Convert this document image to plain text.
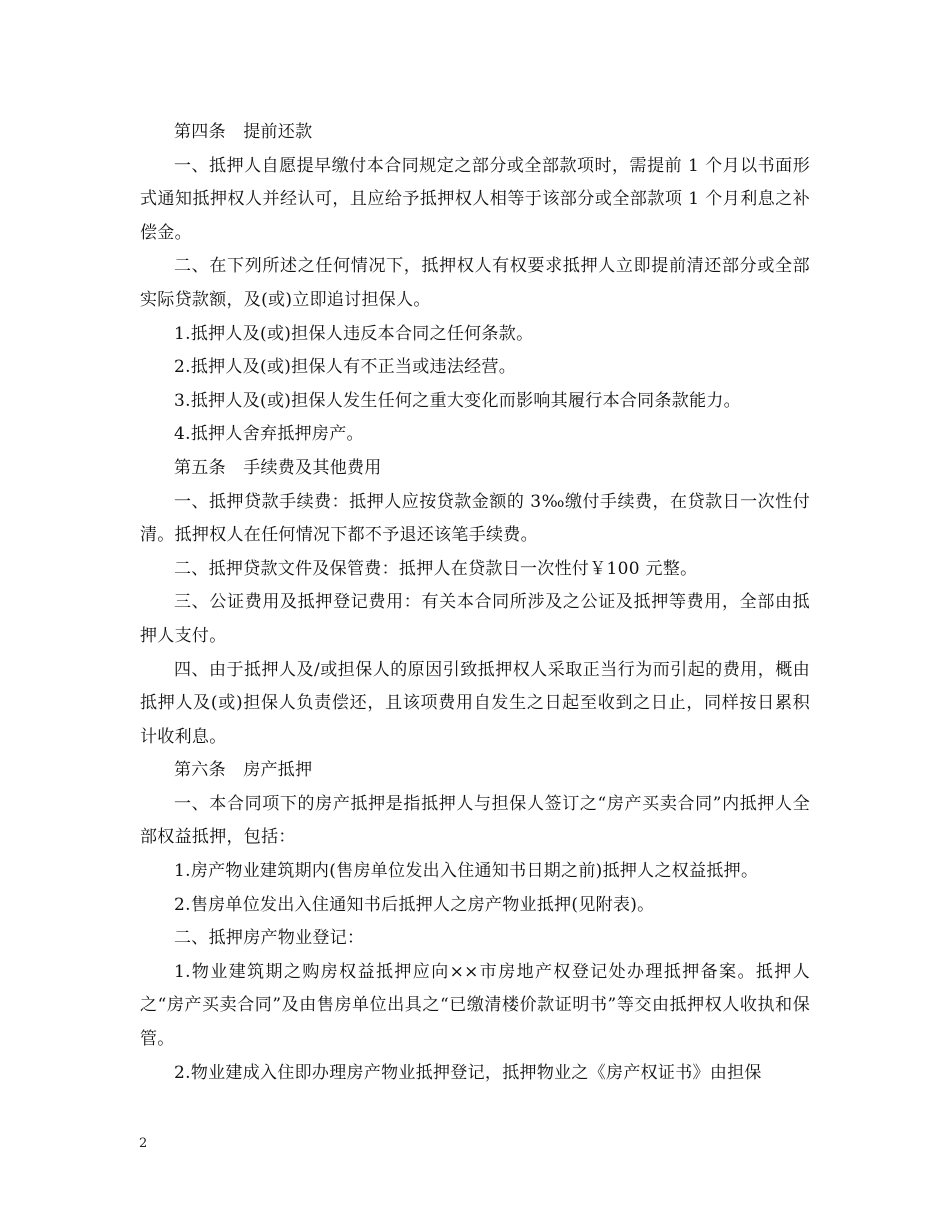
第四条　提前还款

一、抵押人自愿提早缴付本合同规定之部分或全部款项时，需提前 1 个月以书面形式通知抵押权人并经认可，且应给予抵押权人相等于该部分或全部款项 1 个月利息之补偿金。

二、在下列所述之任何情况下，抵押权人有权要求抵押人立即提前清还部分或全部实际贷款额，及(或)立即追讨担保人。

1.抵押人及(或)担保人违反本合同之任何条款。

2.抵押人及(或)担保人有不正当或违法经营。

3.抵押人及(或)担保人发生任何之重大变化而影响其履行本合同条款能力。

4.抵押人舍弃抵押房产。

第五条　手续费及其他费用

一、抵押贷款手续费：抵押人应按贷款金额的 3‰缴付手续费，在贷款日一次性付清。抵押权人在任何情况下都不予退还该笔手续费。

二、抵押贷款文件及保管费：抵押人在贷款日一次性付￥100 元整。

三、公证费用及抵押登记费用：有关本合同所涉及之公证及抵押等费用，全部由抵押人支付。

四、由于抵押人及/或担保人的原因引致抵押权人采取正当行为而引起的费用，概由抵押人及(或)担保人负责偿还，且该项费用自发生之日起至收到之日止，同样按日累积计收利息。

第六条　房产抵押

一、本合同项下的房产抵押是指抵押人与担保人签订之“房产买卖合同”内抵押人全部权益抵押，包括：

1.房产物业建筑期内(售房单位发出入住通知书日期之前)抵押人之权益抵押。

2.售房单位发出入住通知书后抵押人之房产物业抵押(见附表)。

二、抵押房产物业登记：

1.物业建筑期之购房权益抵押应向××市房地产权登记处办理抵押备案。抵押人之“房产买卖合同”及由售房单位出具之“已缴清楼价款证明书”等交由抵押权人收执和保管。

2.物业建成入住即办理房产物业抵押登记，抵押物业之《房产权证书》由担保

2
